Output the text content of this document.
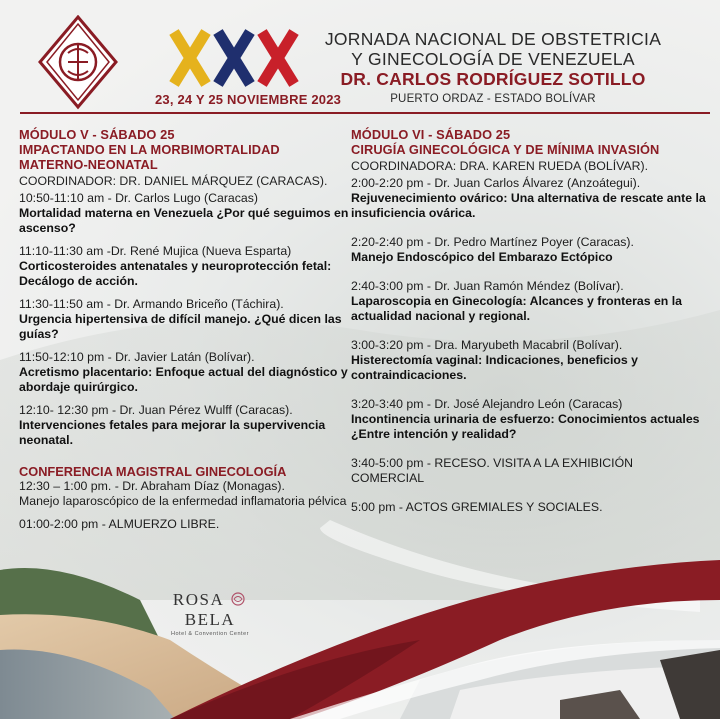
23, 24 Y 25 NOVIEMBRE 2023
JORNADA NACIONAL DE OBSTETRICIA
Y GINECOLOGÍA DE VENEZUELA
DR. CARLOS RODRÍGUEZ SOTILLO
PUERTO ORDAZ - ESTADO BOLÍVAR

MÓDULO V - SÁBADO 25

IMPACTANDO EN LA MORBIMORTALIDAD

MATERNO-NEONATAL

COORDINADOR: DR. DANIEL MÁRQUEZ (CARACAS).

10:50-11:10 am - Dr. Carlos Lugo (Caracas)

Mortalidad materna en Venezuela ¿Por qué seguimos en ascenso?

11:10-11:30 am -Dr. René Mujica (Nueva Esparta)

Corticosteroides antenatales y neuroprotección fetal: Decálogo de acción.

11:30-11:50 am - Dr. Armando Briceño (Táchira).

Urgencia hipertensiva de difícil manejo. ¿Qué dicen las guías?

11:50-12:10 pm - Dr. Javier Latán (Bolívar).

Acretismo placentario: Enfoque actual del diagnóstico y abordaje quirúrgico.

12:10- 12:30 pm - Dr. Juan Pérez Wulff (Caracas).

Intervenciones fetales para mejorar la supervivencia neonatal.

CONFERENCIA MAGISTRAL GINECOLOGÍA

12:30 – 1:00 pm. - Dr. Abraham Díaz (Monagas).

Manejo laparoscópico de la enfermedad inflamatoria pélvica

01:00-2:00 pm - ALMUERZO LIBRE.

MÓDULO VI - SÁBADO 25

CIRUGÍA GINECOLÓGICA Y DE MÍNIMA INVASIÓN

COORDINADORA: DRA. KAREN RUEDA (BOLÍVAR).

2:00-2:20 pm - Dr. Juan Carlos Álvarez (Anzoátegui).

Rejuvenecimiento ovárico: Una alternativa de rescate ante la insuficiencia ovárica.

2:20-2:40 pm - Dr. Pedro Martínez Poyer (Caracas).

Manejo Endoscópico del Embarazo Ectópico

2:40-3:00 pm - Dr. Juan Ramón Méndez (Bolívar).

Laparoscopia en Ginecología: Alcances y fronteras en la actualidad nacional y regional.

3:00-3:20 pm - Dra. Maryubeth Macabril (Bolívar).

Histerectomía vaginal: Indicaciones, beneficios y contraindicaciones.

3:20-3:40 pm - Dr. José Alejandro León (Caracas)

Incontinencia urinaria de esfuerzo: Conocimientos actuales ¿Entre intención y realidad?

3:40-5:00 pm - RECESO. VISITA A LA EXHIBICIÓN COMERCIAL

5:00 pm - ACTOS GREMIALES Y SOCIALES.

ROSA  BELA
Hotel & Convention Center
